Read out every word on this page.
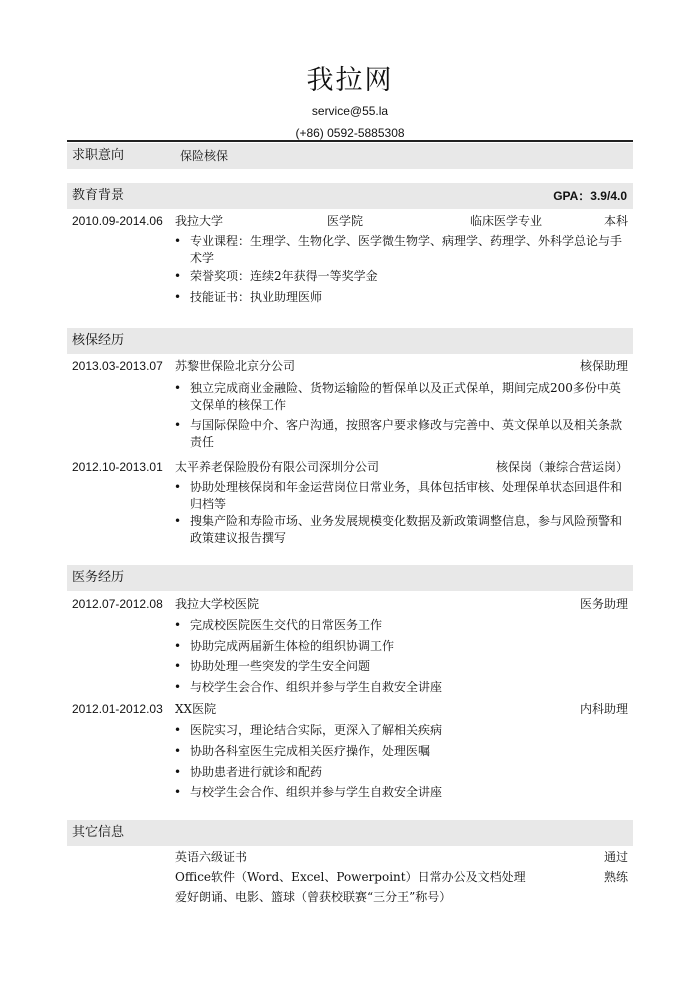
我拉网
service@55.la
(+86) 0592-5885308
求职意向	保险核保
教育背景	GPA：3.9/4.0
2010.09-2014.06 我拉大学	医学院	临床医学专业	本科
• 专业课程：生理学、生物化学、医学微生物学、病理学、药理学、外科学总论与手术学
• 荣誉奖项：连续2年获得一等奖学金
• 技能证书：执业助理医师
核保经历
2013.03-2013.07 苏黎世保险北京分公司	核保助理
• 独立完成商业金融险、货物运输险的暂保单以及正式保单，期间完成200多份中英文保单的核保工作
• 与国际保险中介、客户沟通，按照客户要求修改与完善中、英文保单以及相关条款责任
2012.10-2013.01 太平养老保险股份有限公司深圳分公司	核保岗（兼综合营运岗）
• 协助处理核保岗和年金运营岗位日常业务，具体包括审核、处理保单状态回退件和归档等
• 搜集产险和寿险市场、业务发展规模变化数据及新政策调整信息，参与风险预警和政策建议报告撰写
医务经历
2012.07-2012.08 我拉大学校医院	医务助理
• 完成校医院医生交代的日常医务工作
• 协助完成两届新生体检的组织协调工作
• 协助处理一些突发的学生安全问题
• 与校学生会合作、组织并参与学生自救安全讲座
2012.01-2012.03 XX医院	内科助理
• 医院实习，理论结合实际，更深入了解相关疾病
• 协助各科室医生完成相关医疗操作，处理医嘱
• 协助患者进行就诊和配药
• 与校学生会合作、组织并参与学生自救安全讲座
其它信息
英语六级证书	通过
Office软件（Word、Excel、Powerpoint）日常办公及文档处理	熟练
爱好朗诵、电影、篮球（曾获校联赛“三分王”称号）
